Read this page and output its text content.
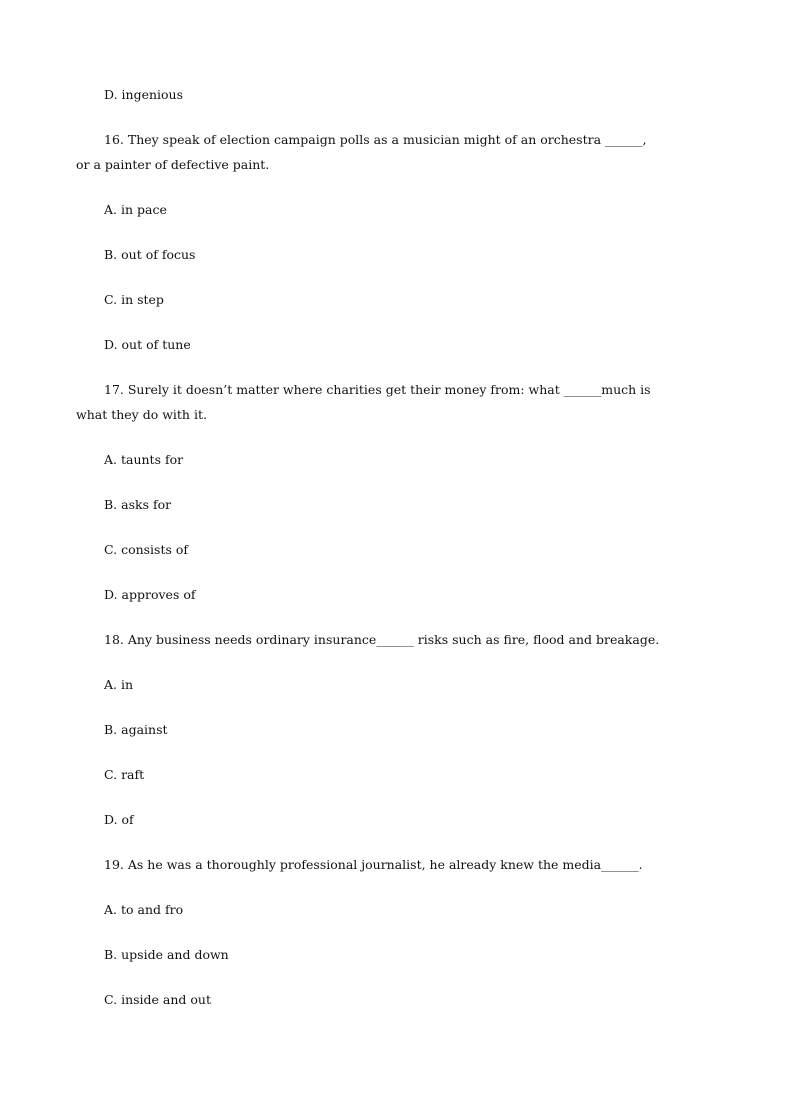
D. ingenious
16. They speak of election campaign polls as a musician might of an orchestra ______,
or a painter of defective paint.
A. in pace
B. out of focus
C. in step
D. out of tune
17. Surely it doesn’t matter where charities get their money from: what ______much is
what they do with it.
A. taunts for
B. asks for
C. consists of
D. approves of
18. Any business needs ordinary insurance______ risks such as fire, flood and breakage.
A. in
B. against
C. raft
D. of
19. As he was a thoroughly professional journalist, he already knew the media______.
A. to and fro
B. upside and down
C. inside and out
